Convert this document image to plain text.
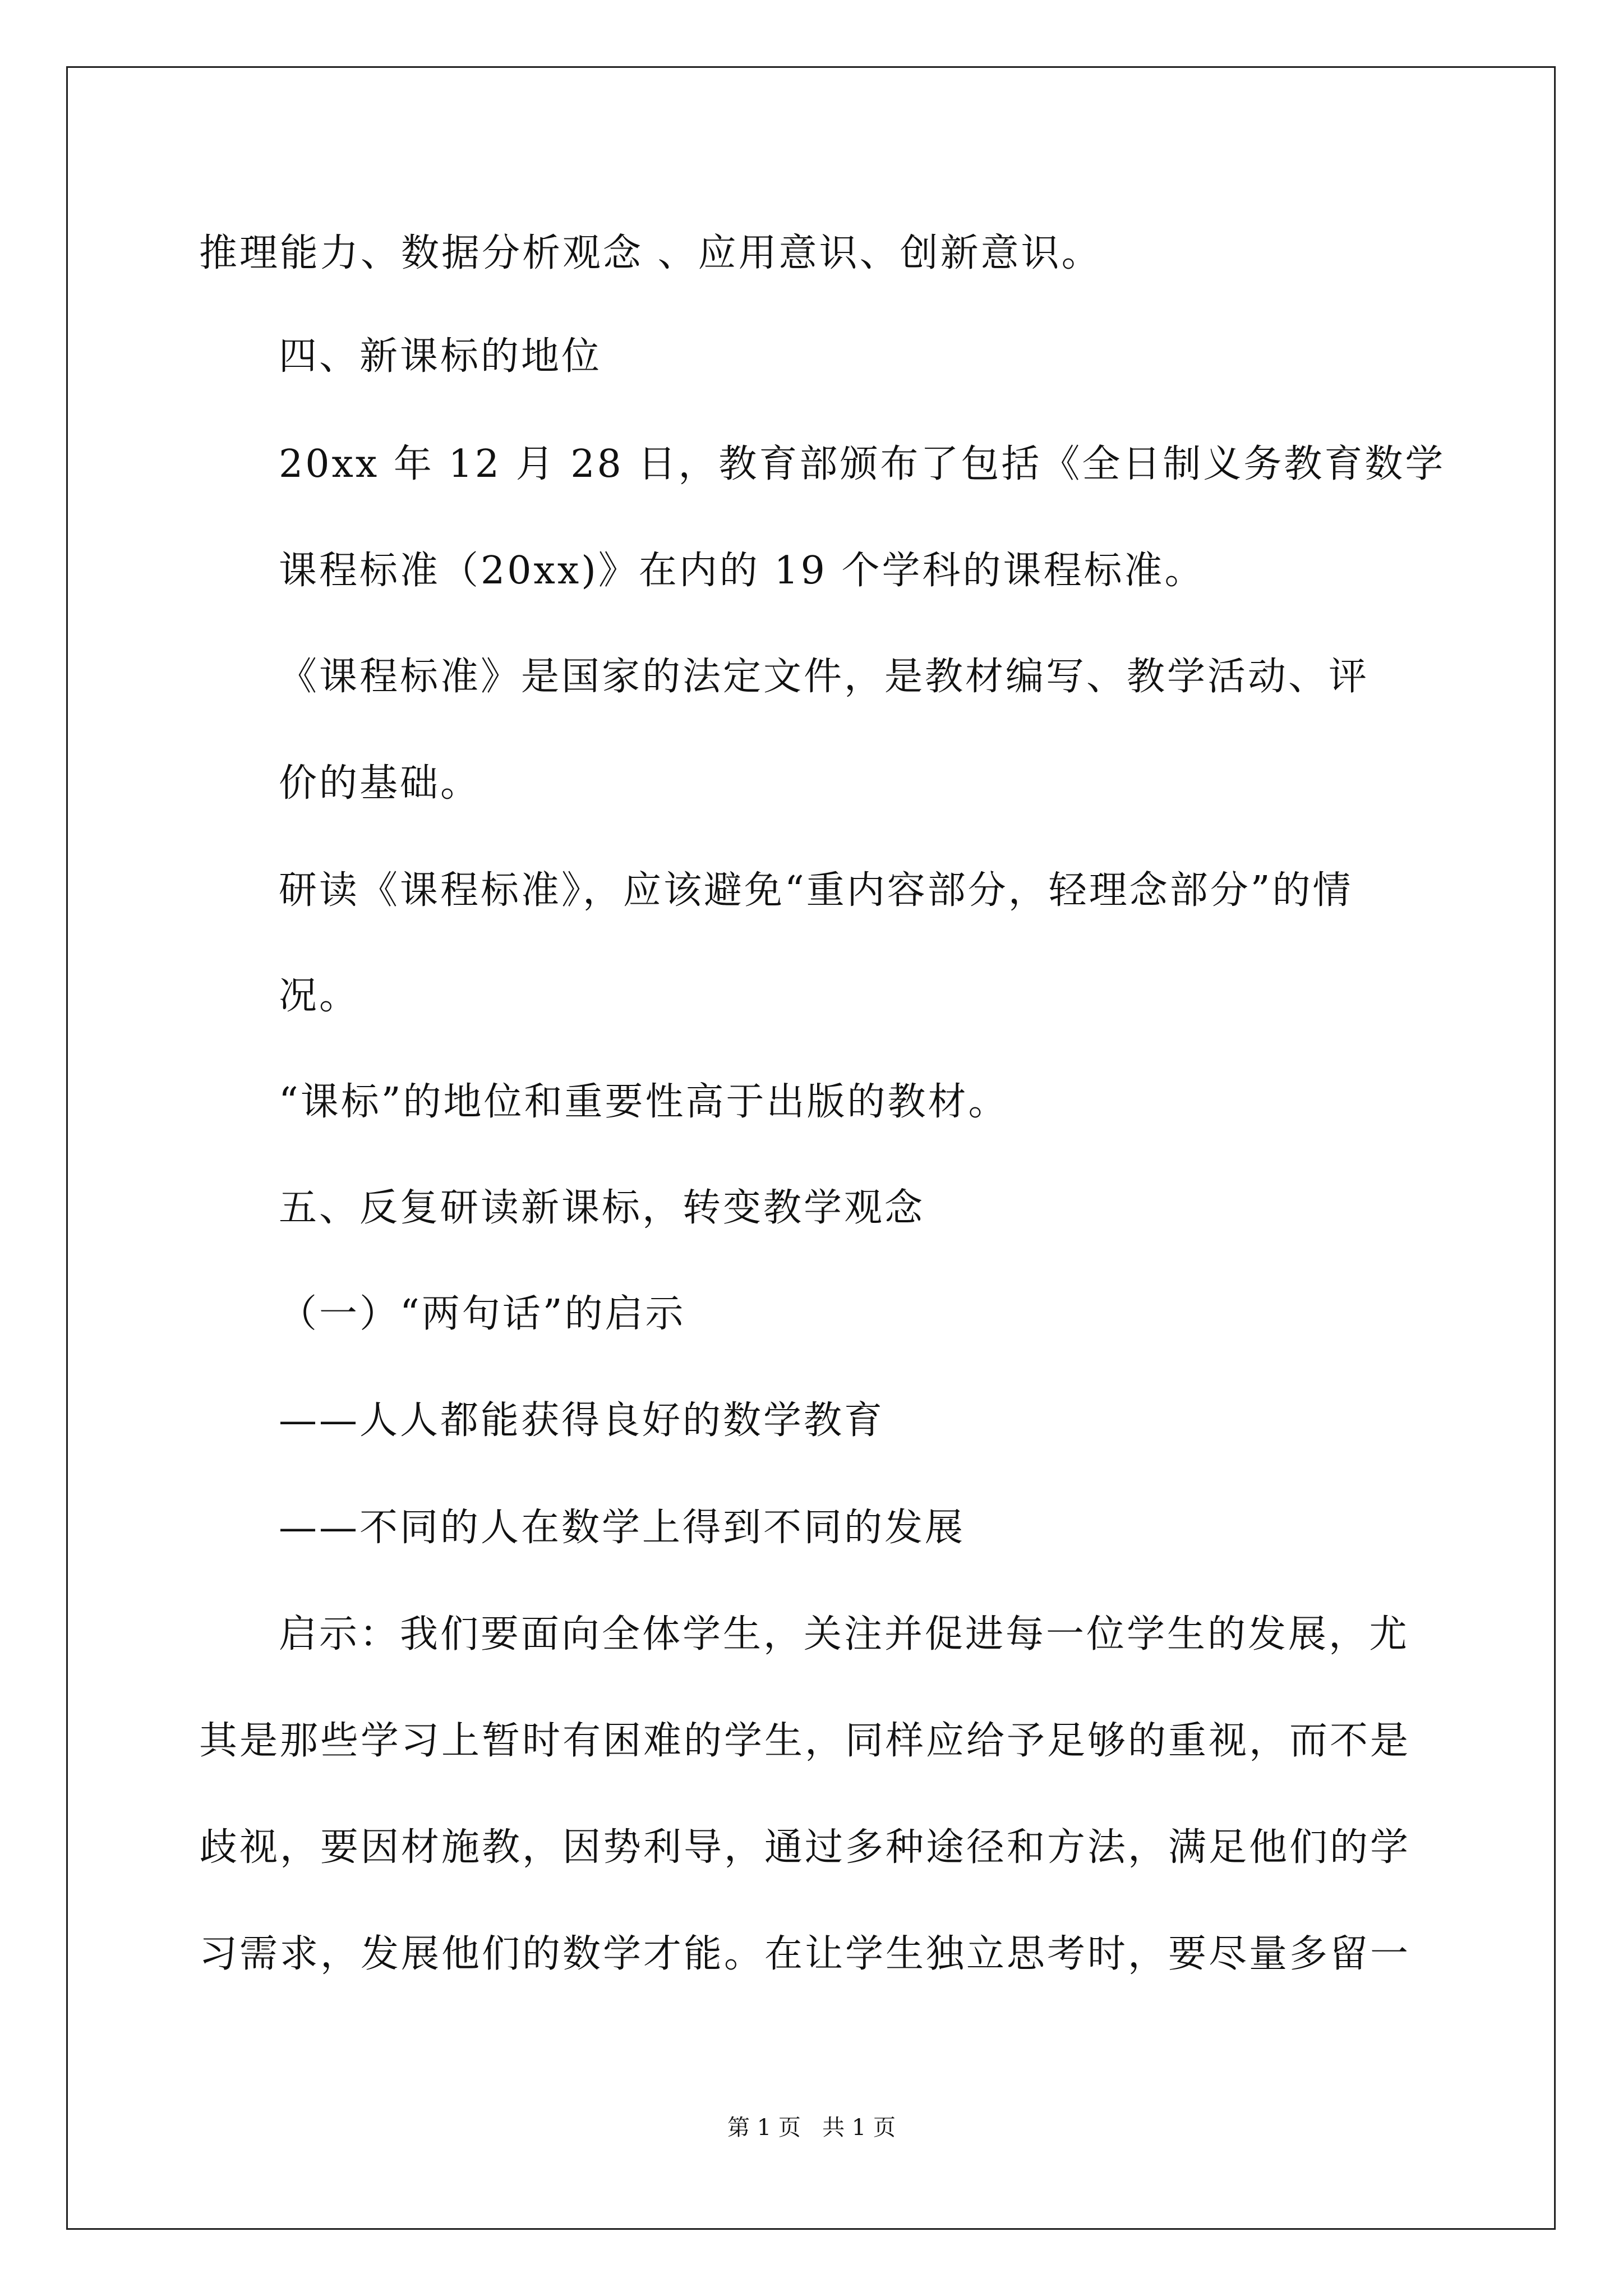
推理能力、数据分析观念 、应用意识、创新意识。
四、新课标的地位
20xx 年 12 月 28 日，教育部颁布了包括《全日制义务教育数学
课程标准（20xx)》在内的 19 个学科的课程标准。
《课程标准》是国家的法定文件，是教材编写、教学活动、评
价的基础。
研读《课程标准》，应该避免“重内容部分，轻理念部分”的情
况。
“课标”的地位和重要性高于出版的教材。
五、反复研读新课标，转变教学观念
（一）“两句话”的启示
——人人都能获得良好的数学教育
——不同的人在数学上得到不同的发展
启示：我们要面向全体学生，关注并促进每一位学生的发展，尤
其是那些学习上暂时有困难的学生，同样应给予足够的重视，而不是
歧视，要因材施教，因势利导，通过多种途径和方法，满足他们的学
习需求，发展他们的数学才能。在让学生独立思考时，要尽量多留一
第 1 页   共 1 页
